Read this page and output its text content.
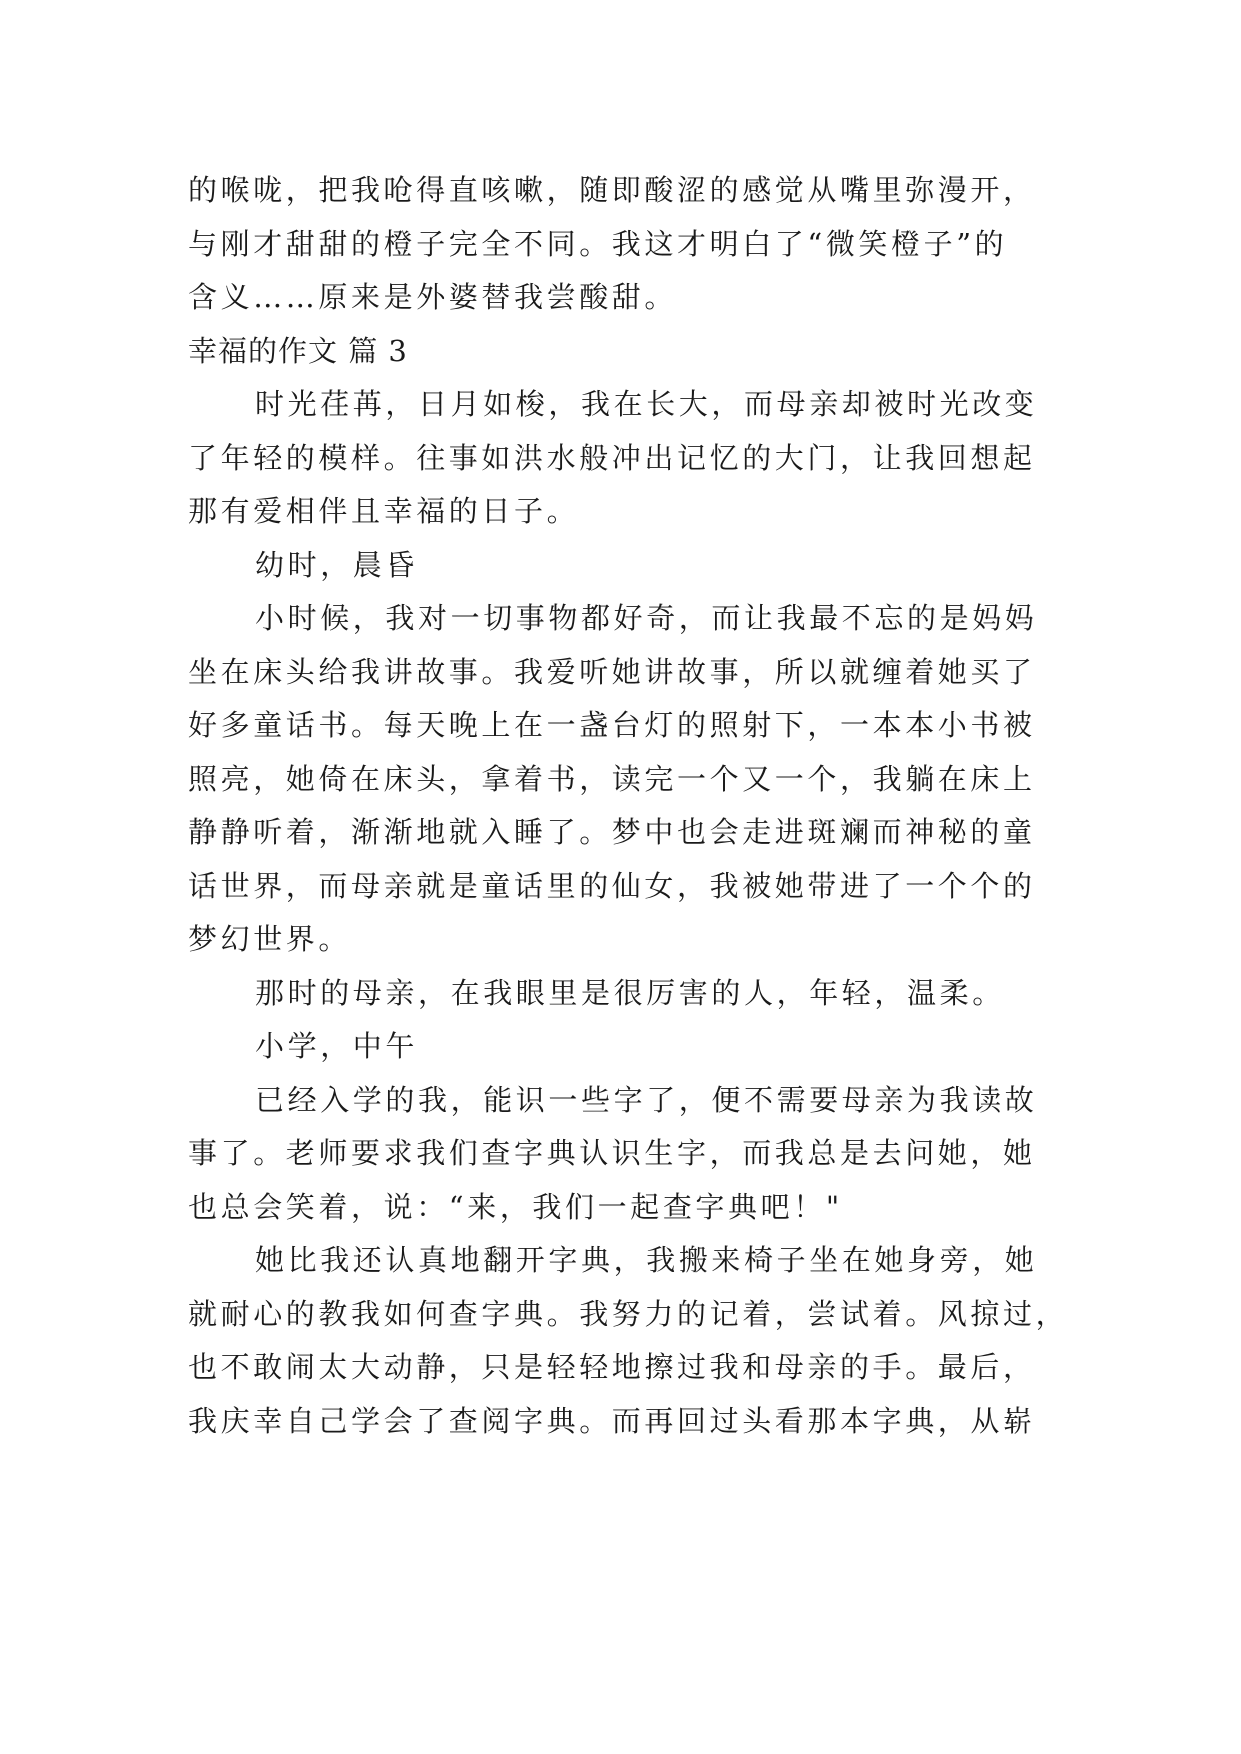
的喉咙，把我呛得直咳嗽，随即酸涩的感觉从嘴里弥漫开，
与刚才甜甜的橙子完全不同。我这才明白了“微笑橙子”的
含义……原来是外婆替我尝酸甜。
幸福的作文 篇 3
时光荏苒，日月如梭，我在长大，而母亲却被时光改变
了年轻的模样。往事如洪水般冲出记忆的大门，让我回想起
那有爱相伴且幸福的日子。
幼时，晨昏
小时候，我对一切事物都好奇，而让我最不忘的是妈妈
坐在床头给我讲故事。我爱听她讲故事，所以就缠着她买了
好多童话书。每天晚上在一盏台灯的照射下，一本本小书被
照亮，她倚在床头，拿着书，读完一个又一个，我躺在床上
静静听着，渐渐地就入睡了。梦中也会走进斑斓而神秘的童
话世界，而母亲就是童话里的仙女，我被她带进了一个个的
梦幻世界。
那时的母亲，在我眼里是很厉害的人，年轻，温柔。
小学，中午
已经入学的我，能识一些字了，便不需要母亲为我读故
事了。老师要求我们查字典认识生字，而我总是去问她，她
也总会笑着，说：“来，我们一起查字典吧！"
她比我还认真地翻开字典，我搬来椅子坐在她身旁，她
就耐心的教我如何查字典。我努力的记着，尝试着。风掠过，
也不敢闹太大动静，只是轻轻地擦过我和母亲的手。最后，
我庆幸自己学会了查阅字典。而再回过头看那本字典，从崭
